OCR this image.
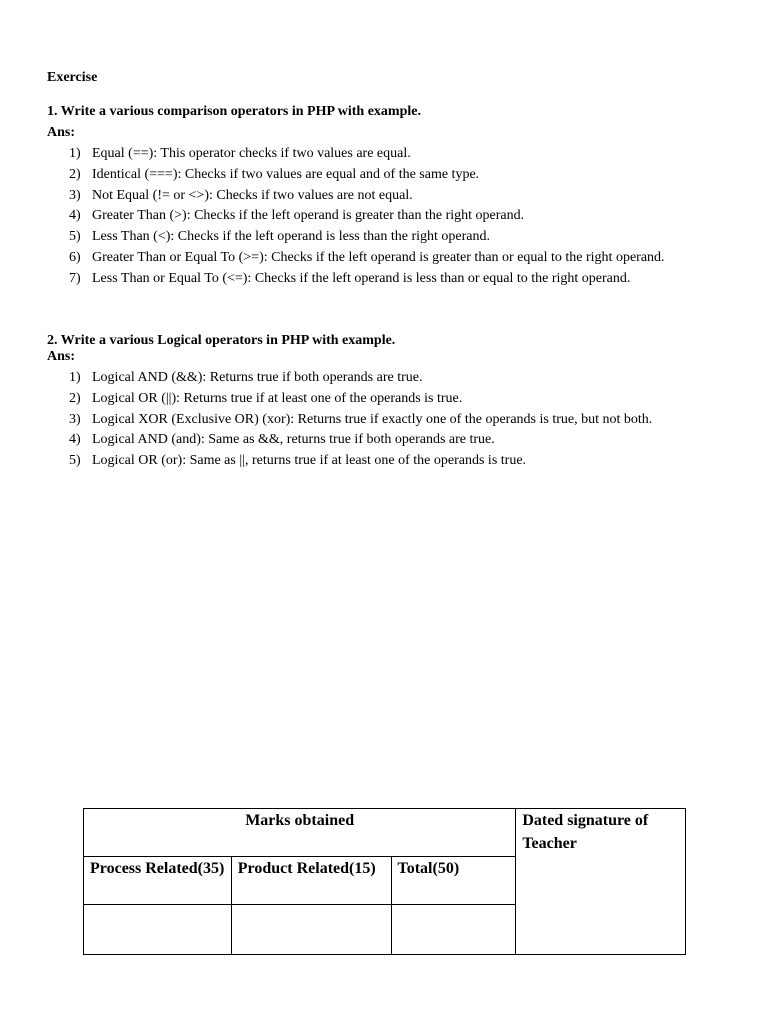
Exercise
1. Write a various comparison operators in PHP with example.
Ans:
1) Equal (==): This operator checks if two values are equal.
2) Identical (===): Checks if two values are equal and of the same type.
3) Not Equal (!= or <>): Checks if two values are not equal.
4) Greater Than (>): Checks if the left operand is greater than the right operand.
5) Less Than (<): Checks if the left operand is less than the right operand.
6) Greater Than or Equal To (>=): Checks if the left operand is greater than or equal to the right operand.
7) Less Than or Equal To (<=): Checks if the left operand is less than or equal to the right operand.
2. Write a various Logical operators in PHP with example.
Ans:
1) Logical AND (&&): Returns true if both operands are true.
2) Logical OR (||): Returns true if at least one of the operands is true.
3) Logical XOR (Exclusive OR) (xor): Returns true if exactly one of the operands is true, but not both.
4) Logical AND (and): Same as &&, returns true if both operands are true.
5) Logical OR (or): Same as ||, returns true if at least one of the operands is true.
Marks obtained			Dated signature of Teacher
Process Related(35)	Product Related(15)	Total(50)	
